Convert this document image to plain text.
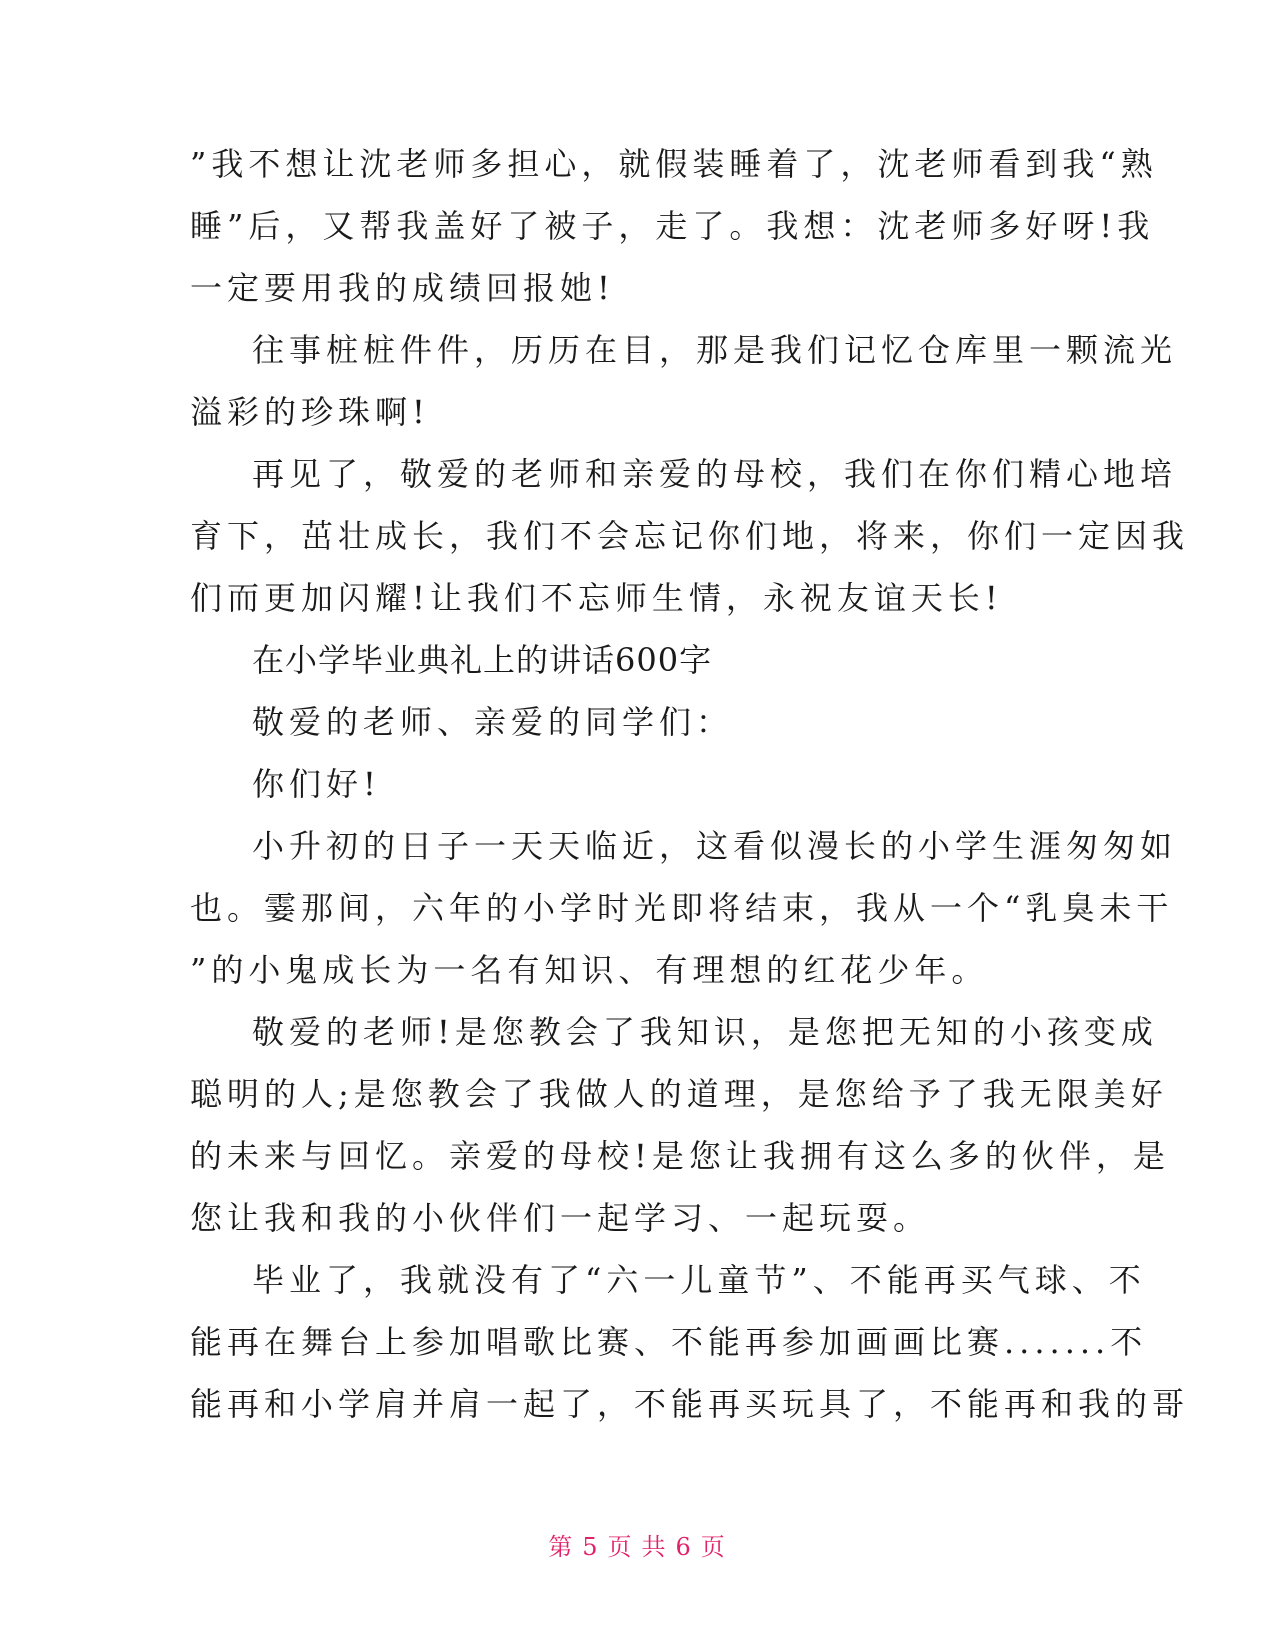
”我不想让沈老师多担心，就假装睡着了，沈老师看到我“熟
睡”后，又帮我盖好了被子，走了。我想：沈老师多好呀!我
一定要用我的成绩回报她!
往事桩桩件件，历历在目，那是我们记忆仓库里一颗流光
溢彩的珍珠啊!
再见了，敬爱的老师和亲爱的母校，我们在你们精心地培
育下，茁壮成长，我们不会忘记你们地，将来，你们一定因我
们而更加闪耀!让我们不忘师生情，永祝友谊天长!
在小学毕业典礼上的讲话600字
敬爱的老师、亲爱的同学们：
你们好!
小升初的日子一天天临近，这看似漫长的小学生涯匆匆如
也。霎那间，六年的小学时光即将结束，我从一个“乳臭未干
”的小鬼成长为一名有知识、有理想的红花少年。
敬爱的老师!是您教会了我知识，是您把无知的小孩变成
聪明的人;是您教会了我做人的道理，是您给予了我无限美好
的未来与回忆。亲爱的母校!是您让我拥有这么多的伙伴，是
您让我和我的小伙伴们一起学习、一起玩耍。
毕业了，我就没有了“六一儿童节”、不能再买气球、不
能再在舞台上参加唱歌比赛、不能再参加画画比赛.......不
能再和小学肩并肩一起了，不能再买玩具了，不能再和我的哥
第 5 页 共 6 页
